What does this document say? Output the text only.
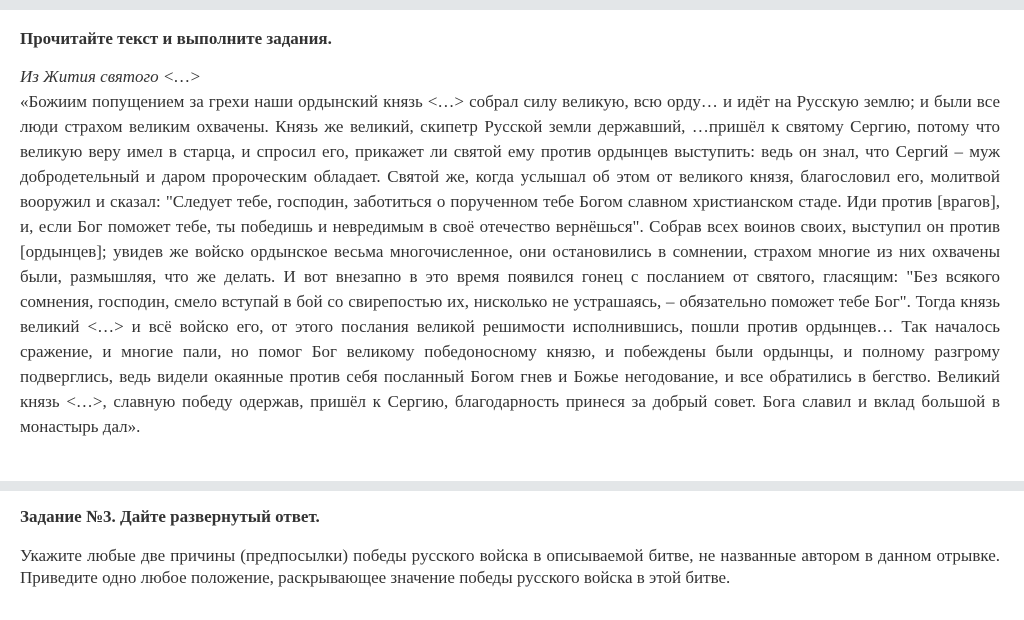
Прочитайте текст и выполните задания.

Из Жития святого <…>

«Божиим попущением за грехи наши ордынский князь <…> собрал силу великую, всю орду… и идёт на Русскую землю; и были все люди страхом великим охвачены. Князь же великий, скипетр Русской земли державший, …пришёл к святому Сергию, потому что великую веру имел в старца, и спросил его, прикажет ли святой ему против ордынцев выступить: ведь он знал, что Сергий – муж добродетельный и даром пророческим обладает. Святой же, когда услышал об этом от великого князя, благословил его, молитвой вооружил и сказал: "Следует тебе, господин, заботиться о порученном тебе Богом славном христианском стаде. Иди против [врагов], и, если Бог поможет тебе, ты победишь и невредимым в своё отечество вернёшься". Собрав всех воинов своих, выступил он против [ордынцев]; увидев же войско ордынское весьма многочисленное, они остановились в сомнении, страхом многие из них охвачены были, размышляя, что же делать. И вот внезапно в это время появился гонец с посланием от святого, гласящим: "Без всякого сомнения, господин, смело вступай в бой со свирепостью их, нисколько не устрашаясь, – обязательно поможет тебе Бог". Тогда князь великий <…> и всё войско его, от этого послания великой решимости исполнившись, пошли против ордынцев… Так началось сражение, и многие пали, но помог Бог великому победоносному князю, и побеждены были ордынцы, и полному разгрому подверглись, ведь видели окаянные против себя посланный Богом гнев и Божье негодование, и все обратились в бегство. Великий князь <…>, славную победу одержав, пришёл к Сергию, благодарность принеся за добрый совет. Бога славил и вклад большой в монастырь дал».

Задание №3. Дайте развернутый ответ.

Укажите любые две причины (предпосылки) победы русского войска в описываемой битве, не названные автором в данном отрывке. Приведите одно любое положение, раскрывающее значение победы русского войска в этой битве.
